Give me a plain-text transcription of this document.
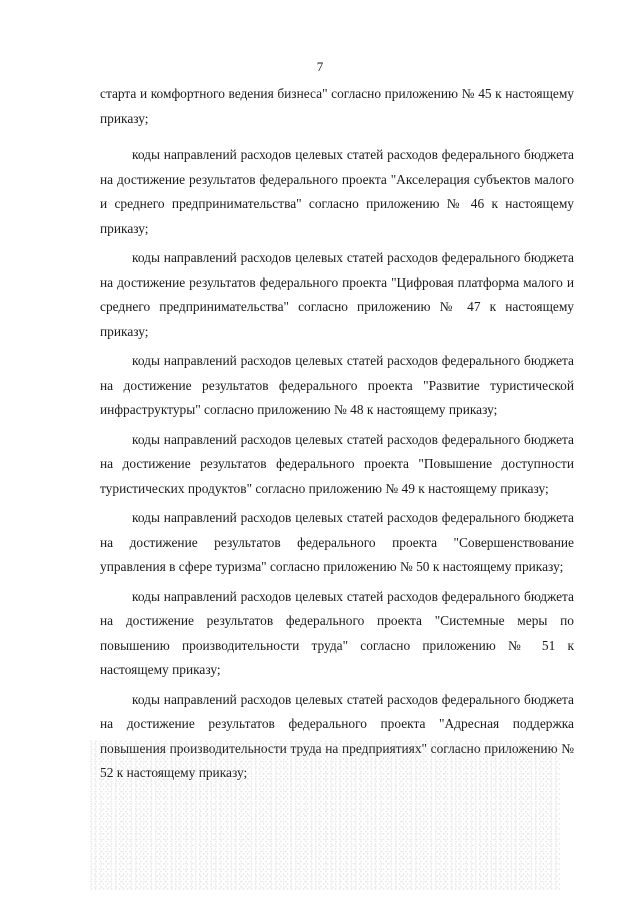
7

старта и комфортного ведения бизнеса" согласно приложению № 45 к настоящему приказу;

коды направлений расходов целевых статей расходов федерального бюджета на достижение результатов федерального проекта "Акселерация субъектов малого и среднего предпринимательства" согласно приложению № 46 к настоящему приказу;

коды направлений расходов целевых статей расходов федерального бюджета на достижение результатов федерального проекта "Цифровая платформа малого и среднего предпринимательства" согласно приложению № 47 к настоящему приказу;

коды направлений расходов целевых статей расходов федерального бюджета на достижение результатов федерального проекта "Развитие туристической инфраструктуры" согласно приложению № 48 к настоящему приказу;

коды направлений расходов целевых статей расходов федерального бюджета на достижение результатов федерального проекта "Повышение доступности туристических продуктов" согласно приложению № 49 к настоящему приказу;

коды направлений расходов целевых статей расходов федерального бюджета на достижение результатов федерального проекта "Совершенствование управления в сфере туризма" согласно приложению № 50 к настоящему приказу;

коды направлений расходов целевых статей расходов федерального бюджета на достижение результатов федерального проекта "Системные меры по повышению производительности труда" согласно приложению № 51 к настоящему приказу;

коды направлений расходов целевых статей расходов федерального бюджета на достижение результатов федерального проекта "Адресная поддержка повышения производительности труда на предприятиях" согласно приложению № 52 к настоящему приказу;
